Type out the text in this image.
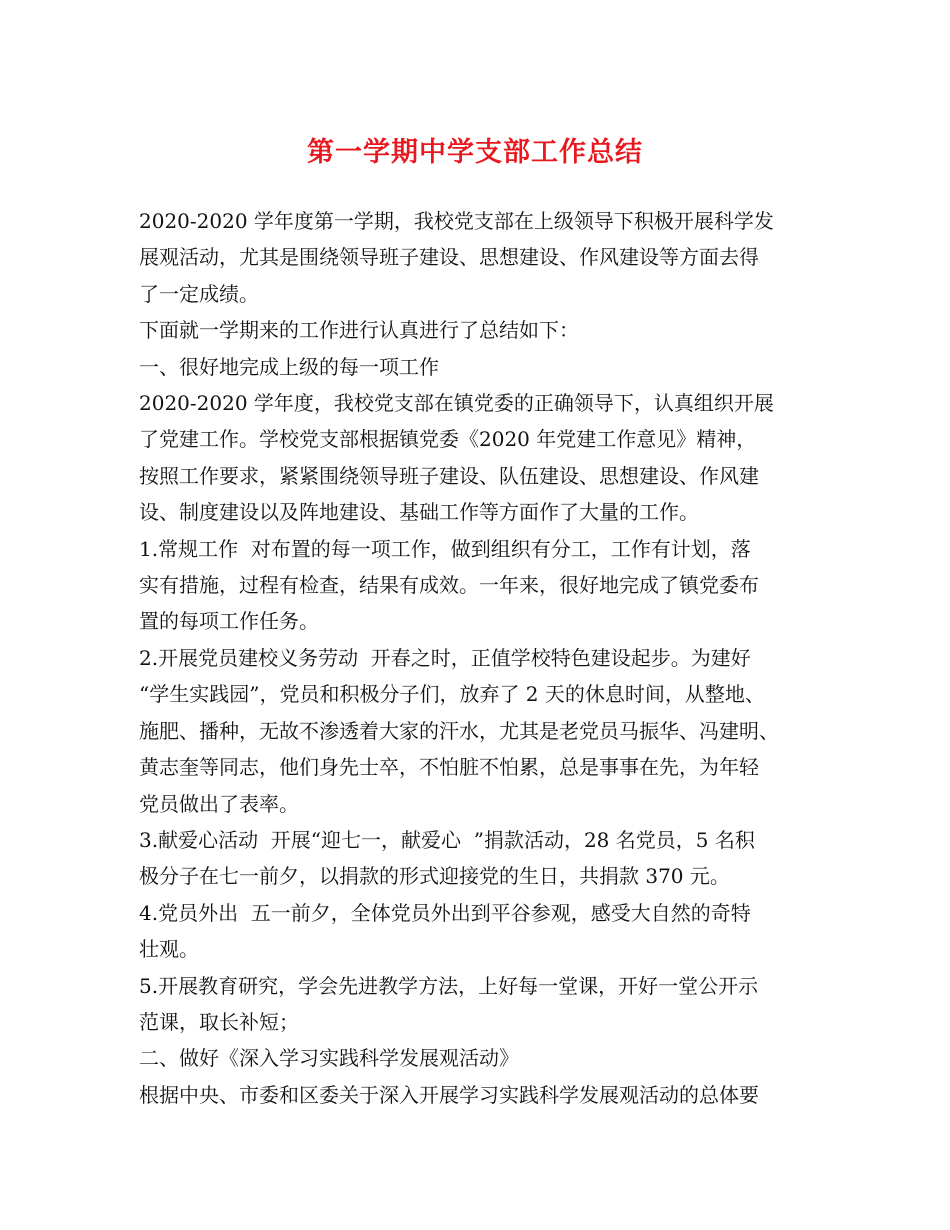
第一学期中学支部工作总结
2020-2020 学年度第一学期，我校党支部在上级领导下积极开展科学发
展观活动，尤其是围绕领导班子建设、思想建设、作风建设等方面去得
了一定成绩。
下面就一学期来的工作进行认真进行了总结如下：
一、很好地完成上级的每一项工作
2020-2020 学年度，我校党支部在镇党委的正确领导下，认真组织开展
了党建工作。学校党支部根据镇党委《2020 年党建工作意见》精神，
按照工作要求，紧紧围绕领导班子建设、队伍建设、思想建设、作风建
设、制度建设以及阵地建设、基础工作等方面作了大量的工作。
1.常规工作  对布置的每一项工作，做到组织有分工，工作有计划，落
实有措施，过程有检查，结果有成效。一年来，很好地完成了镇党委布
置的每项工作任务。
2.开展党员建校义务劳动  开春之时，正值学校特色建设起步。为建好
“学生实践园”，党员和积极分子们，放弃了 2 天的休息时间，从整地、
施肥、播种，无故不渗透着大家的汗水，尤其是老党员马振华、冯建明、
黄志奎等同志，他们身先士卒，不怕脏不怕累，总是事事在先，为年轻
党员做出了表率。
3.献爱心活动  开展“迎七一，献爱心  ”捐款活动，28 名党员，5 名积
极分子在七一前夕，以捐款的形式迎接党的生日，共捐款 370 元。
4.党员外出  五一前夕，全体党员外出到平谷参观，感受大自然的奇特
壮观。
5.开展教育研究，学会先进教学方法，上好每一堂课，开好一堂公开示
范课，取长补短；
二、做好《深入学习实践科学发展观活动》
根据中央、市委和区委关于深入开展学习实践科学发展观活动的总体要
